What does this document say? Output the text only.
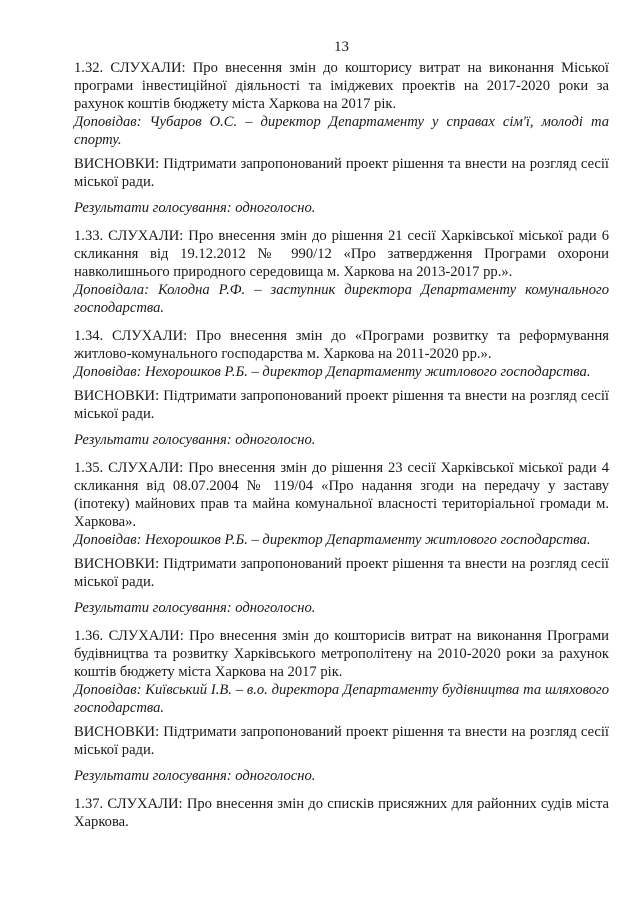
13

1.32. СЛУХАЛИ: Про внесення змін до кошторису витрат на виконання Міської програми інвестиційної діяльності та іміджевих проектів на 2017-2020 роки за рахунок коштів бюджету міста Харкова на 2017 рік.

Доповідав: Чубаров О.С. – директор Департаменту у справах сім'ї, молоді та спорту.

ВИСНОВКИ: Підтримати запропонований проект рішення та внести на розгляд сесії міської ради.

Результати голосування: одноголосно.

1.33. СЛУХАЛИ: Про внесення змін до рішення 21 сесії Харківської міської ради 6 скликання від 19.12.2012 № 990/12 «Про затвердження Програми охорони навколишнього природного середовища м. Харкова на 2013-2017 рр.».

Доповідала: Колодна Р.Ф. – заступник директора Департаменту комунального господарства.

1.34. СЛУХАЛИ: Про внесення змін до «Програми розвитку та реформування житлово-комунального господарства м. Харкова на 2011-2020 рр.».

Доповідав: Нехорошков Р.Б. – директор Департаменту житлового господарства.

ВИСНОВКИ: Підтримати запропонований проект рішення та внести на розгляд сесії міської ради.

Результати голосування: одноголосно.

1.35. СЛУХАЛИ: Про внесення змін до рішення 23 сесії Харківської міської ради 4 скликання від 08.07.2004 № 119/04 «Про надання згоди на передачу у заставу (іпотеку) майнових прав та майна комунальної власності територіальної громади м. Харкова».

Доповідав: Нехорошков Р.Б. – директор Департаменту житлового господарства.

ВИСНОВКИ: Підтримати запропонований проект рішення та внести на розгляд сесії міської ради.

Результати голосування: одноголосно.

1.36. СЛУХАЛИ: Про внесення змін до кошторисів витрат на виконання Програми будівництва та розвитку Харківського метрополітену на 2010-2020 роки за рахунок коштів бюджету міста Харкова на 2017 рік.

Доповідав: Київський І.В. – в.о. директора Департаменту будівництва та шляхового господарства.

ВИСНОВКИ: Підтримати запропонований проект рішення та внести на розгляд сесії міської ради.

Результати голосування: одноголосно.

1.37. СЛУХАЛИ: Про внесення змін до списків присяжних для районних судів міста Харкова.
